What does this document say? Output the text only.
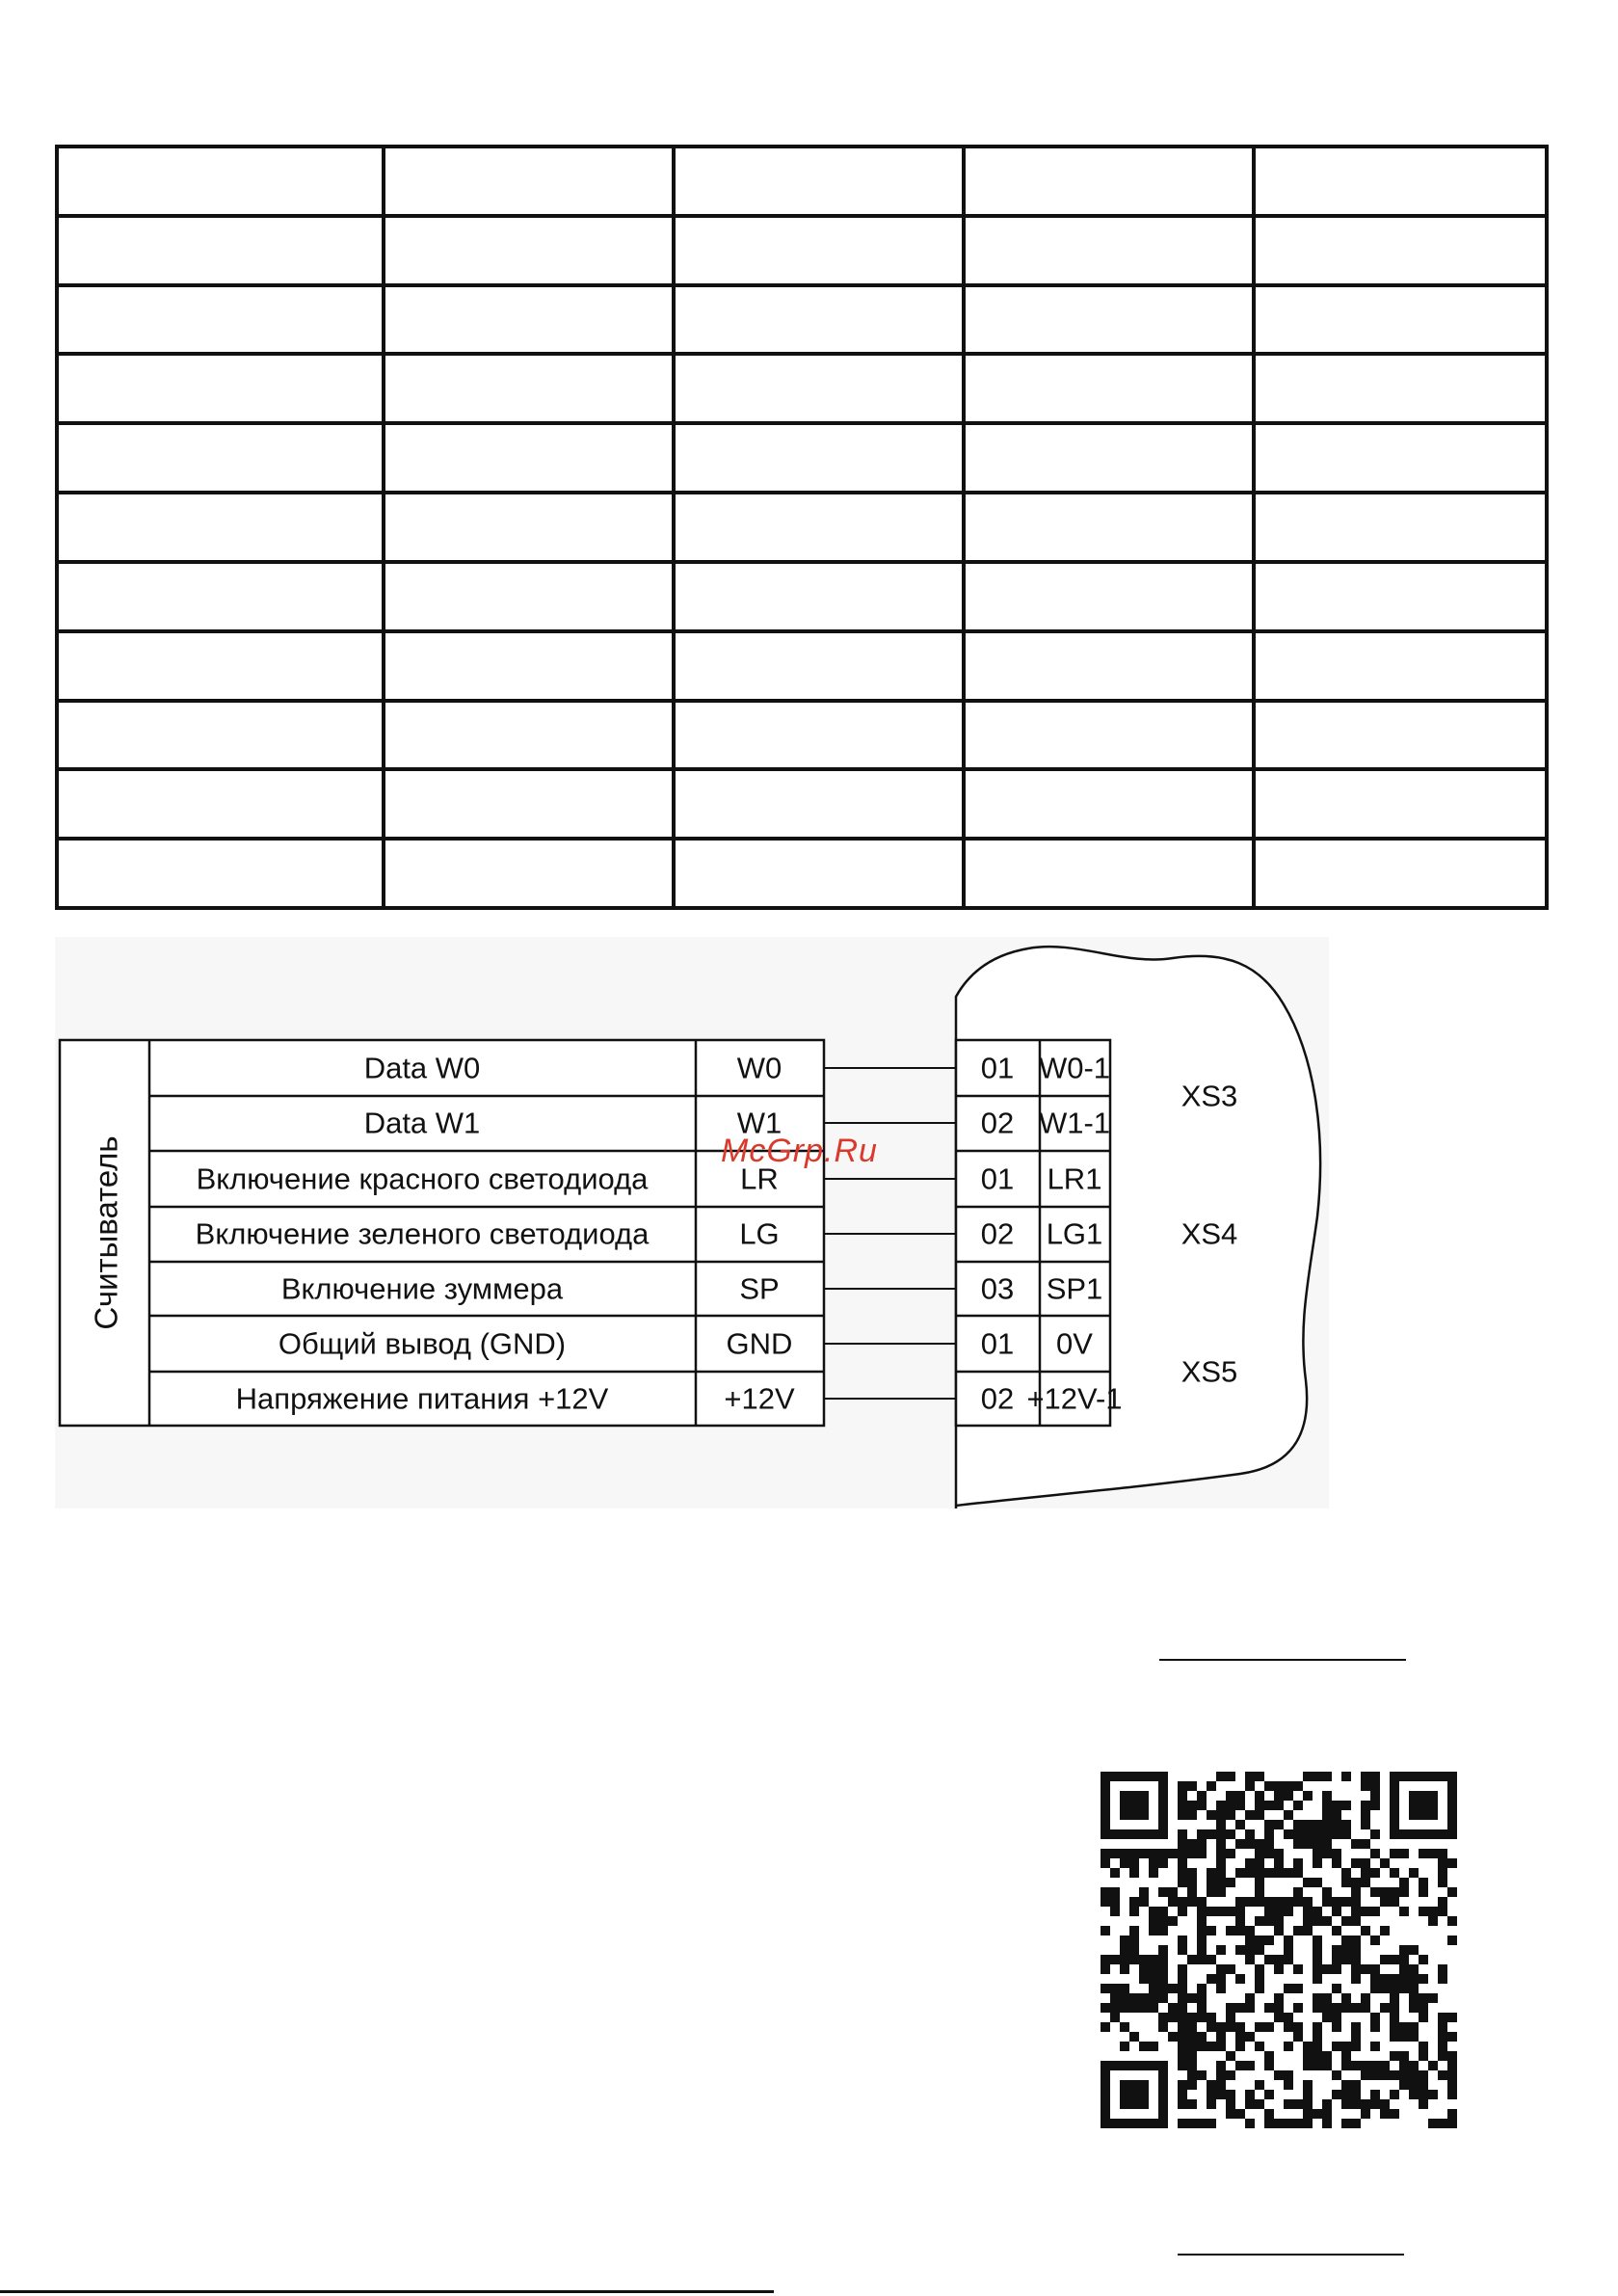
Считыватель
Data W0	W0	01 W0-1
Data W1	W1	02 W1-1
Включение красного светодиода	LR	01 LR1
Включение зеленого светодиода	LG	02 LG1
Включение зуммера	SP	03 SP1
Общий вывод (GND)	GND	01 0V
Напряжение питания +12V	+12V	02 +12V-1
XS3
XS4
XS5
McGrp.Ru
